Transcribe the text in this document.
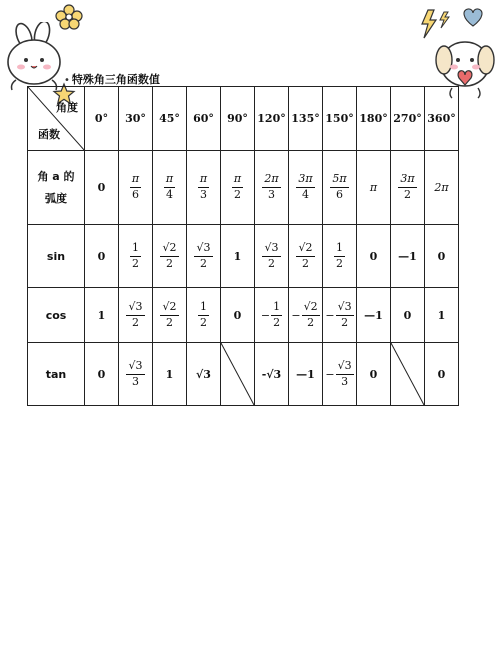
• 特殊角三角函数值
角度
函数	0°	30°	45°	60°	90°	120°	135°	150°	180°	270°	360°
角 a 的弧度	0	$\frac{\pi}{6}$	$\frac{\pi}{4}$	$\frac{\pi}{3}$	$\frac{\pi}{2}$	$\frac{2\pi}{3}$	$\frac{3\pi}{4}$	$\frac{5\pi}{6}$	π	$\frac{3\pi}{2}$	2π
sin	0	$\frac{1}{2}$	$\frac{√2}{2}$	$\frac{√3}{2}$	1	$\frac{√3}{2}$	$\frac{√2}{2}$	$\frac{1}{2}$	0	—1	0
cos	1	$\frac{√3}{2}$	$\frac{√2}{2}$	$\frac{1}{2}$	0	− $\frac{1}{2}$	− $\frac{√2}{2}$	− $\frac{√3}{2}$	—1	0	1
tan	0	$\frac{√3}{3}$	1	√3		-√3	—1	− $\frac{√3}{3}$	0		0
